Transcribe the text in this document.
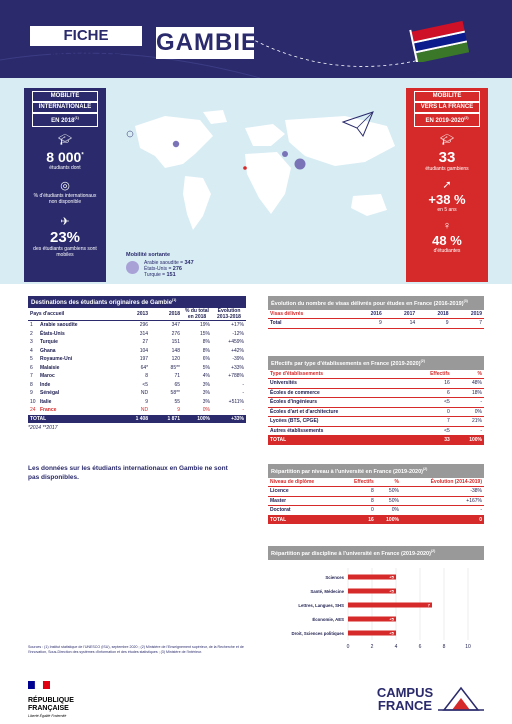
FICHE MOBILITÉ	GAMBIE
Octobre 2020
MOBILITÉ
INTERNATIONALE
EN 2018$^{(1)}$
🎓︎
8 000*
étudiants dont
◎
% d'étudiants internationaux non disponible
✈︎
23%
des étudiants gambiens sont mobiles
MOBILITÉ
VERS LA FRANCE
EN 2019-2020$^{(2)}$
🎓︎
33
étudiants gambiens
➚
+38 %
en 5 ans
♀
48 %
d'étudiantes
Mobilité sortante
Arabie saoudite = 347
États-Unis = 276
Turquie = 151
Destinations des étudiants originaires de Gambie$^{(1)}$
Pays d'accueil		2013	2018	% du total en 2018	Évolution 2013-2018
1	Arabie saoudite	296	347	19%	+17%
2	États-Unis	314	276	15%	-12%
3	Turquie	27	151	8%	+459%
4	Ghana	104	148	8%	+42%
5	Royaume-Uni	197	120	6%	-39%
6	Malaisie	64*	85**	5%	+33%
7	Maroc	8	71	4%	+788%
8	Inde	<5	65	3%	-
9	Sénégal	ND	58**	3%	-
10	Italie	9	55	3%	+511%
24	France	ND	9	0%	-
TOTAL		1 408	1 871	100%	+33%
*2014 **2017
Les données sur les étudiants internationaux en Gambie ne sont pas disponibles.
Évolution du nombre de visas délivrés pour études en France (2016-2019)$^{(3)}$
Visas délivrés	2016	2017	2018	2019
Total	9	14	9	7
Effectifs par type d'établissements en France (2019-2020)$^{(2)}$
Type d'établissements	Effectifs	%
Universités	16	48%
Écoles de commerce	6	18%
Écoles d'ingénieurs	<5	-
Écoles d'art et d'architecture	0	0%
Lycées (BTS, CPGE)	7	21%
Autres établissements	<5	-
TOTAL	33	100%
Répartition par niveau à l'université en France (2019-2020)$^{(2)}$
Niveau de diplôme	Effectifs	%	Évolution (2014-2019)
Licence	8	50%	-38%
Master	8	50%	+167%
Doctorat	0	0%	-
TOTAL	16	100%	0
Répartition par discipline à l'université en France (2019-2020)$^{(2)}$
0	2	4	6	8	10
Sciences	<5
Santé, Médecine	<5
Lettres, Langues, SHS	7
Économie, AES	<5
Droit, Sciences politiques	<5
Sources : (1) Institut statistique de l'UNESCO (ISU), septembre 2020 ; (2) Ministère de l'Enseignement supérieur, de la Recherche et de l'Innovation, Sous-Direction des systèmes d'information et des études statistiques ; (3) Ministère de l'Intérieur.
RÉPUBLIQUE FRANÇAISE
Liberté Égalité Fraternité
CAMPUS FRANCE
